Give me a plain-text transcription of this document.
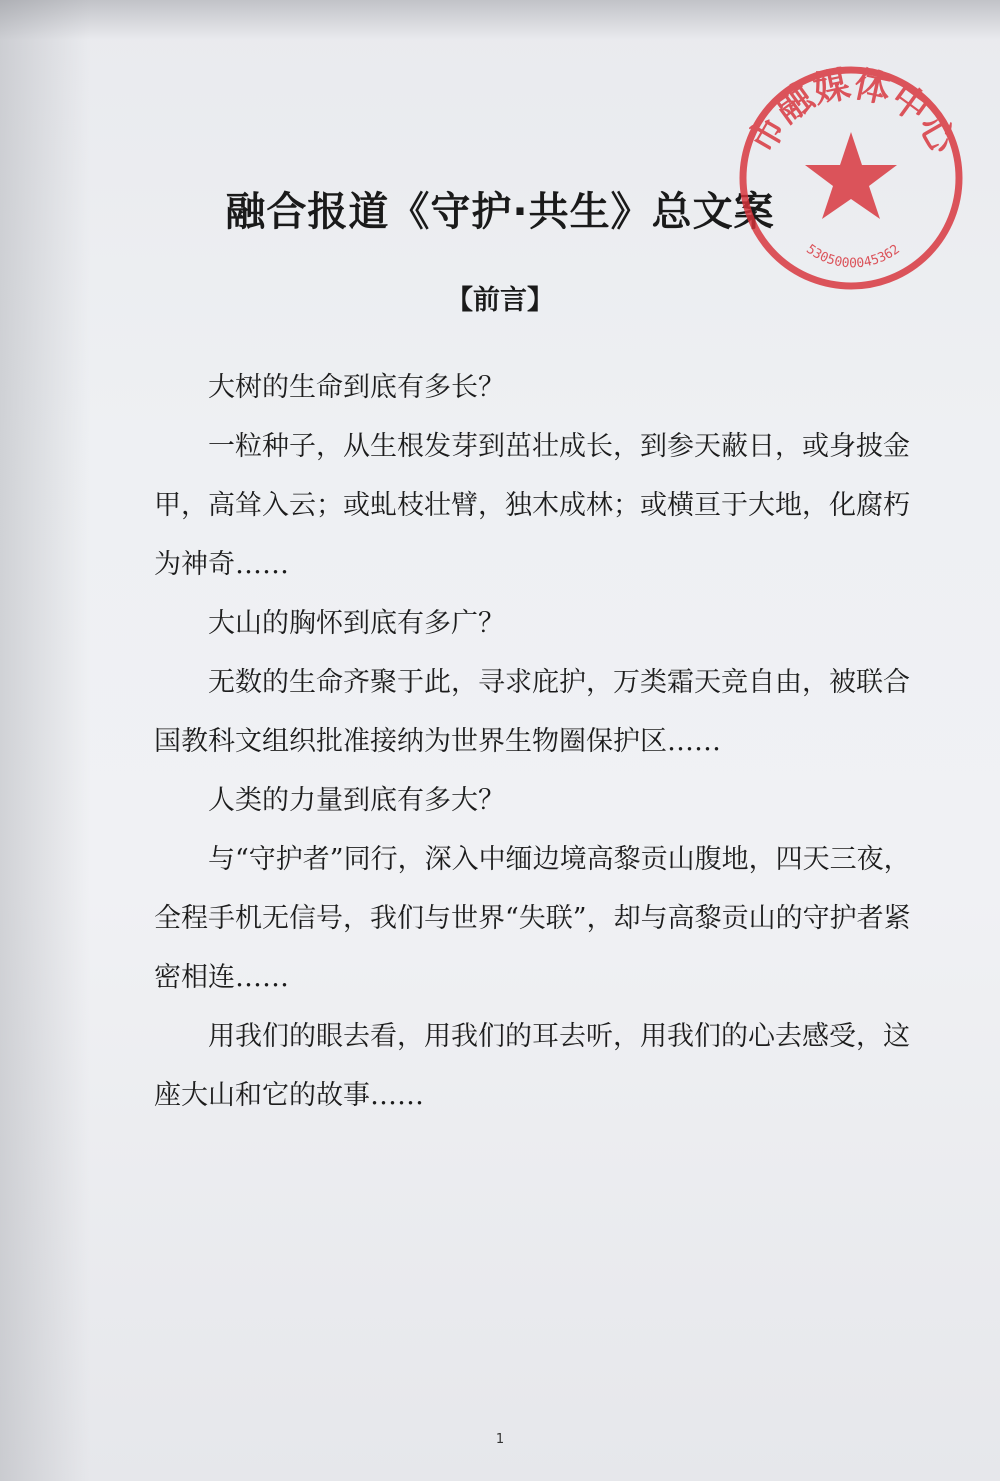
融合报道《守护·共生》总文案
【前言】

大树的生命到底有多长？

一粒种子，从生根发芽到茁壮成长，到参天蔽日，或身披金甲，高耸入云；或虬枝壮臂，独木成林；或横亘于大地，化腐朽为神奇……

大山的胸怀到底有多广？

无数的生命齐聚于此，寻求庇护，万类霜天竞自由，被联合国教科文组织批准接纳为世界生物圈保护区……

人类的力量到底有多大？

与“守护者”同行，深入中缅边境高黎贡山腹地，四天三夜，全程手机无信号，我们与世界“失联”，却与高黎贡山的守护者紧密相连……

用我们的眼去看，用我们的耳去听，用我们的心去感受，这座大山和它的故事……

市融媒体中心
5305000045362
1
